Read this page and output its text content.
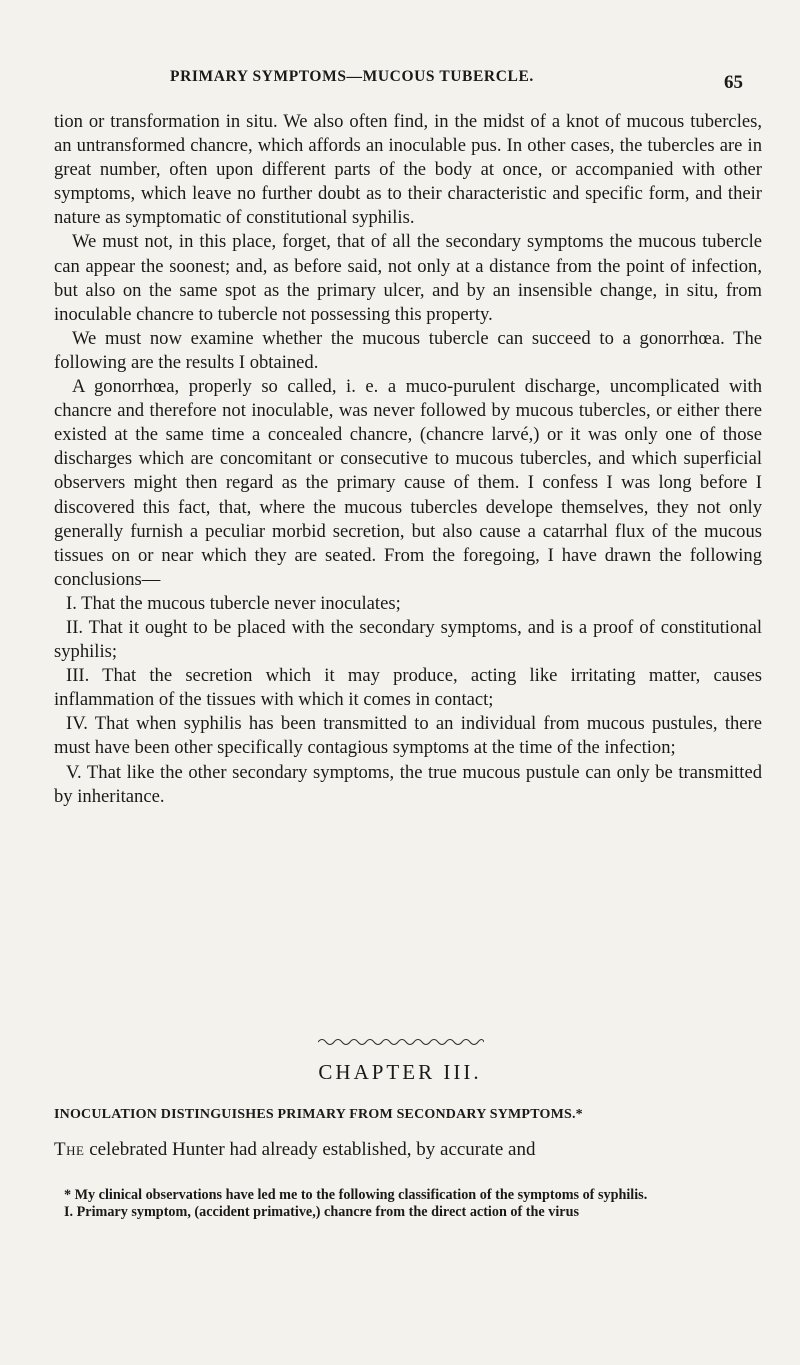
PRIMARY SYMPTOMS—MUCOUS TUBERCLE.	65

tion or transformation in situ. We also often find, in the midst of a knot of mucous tubercles, an untransformed chancre, which affords an inoculable pus. In other cases, the tubercles are in great number, often upon different parts of the body at once, or accompanied with other symptoms, which leave no further doubt as to their characteristic and specific form, and their nature as symptomatic of constitutional syphilis.

We must not, in this place, forget, that of all the secondary symptoms the mucous tubercle can appear the soonest; and, as before said, not only at a distance from the point of infection, but also on the same spot as the primary ulcer, and by an insensible change, in situ, from inoculable chancre to tubercle not possessing this property.

We must now examine whether the mucous tubercle can succeed to a gonorrhœa. The following are the results I obtained.

A gonorrhœa, properly so called, i. e. a muco-purulent discharge, uncomplicated with chancre and therefore not inoculable, was never followed by mucous tubercles, or either there existed at the same time a concealed chancre, (chancre larvé,) or it was only one of those discharges which are concomitant or consecutive to mucous tubercles, and which superficial observers might then regard as the primary cause of them. I confess I was long before I discovered this fact, that, where the mucous tubercles develope themselves, they not only generally furnish a peculiar morbid secretion, but also cause a catarrhal flux of the mucous tissues on or near which they are seated. From the foregoing, I have drawn the following conclusions—

I. That the mucous tubercle never inoculates;

II. That it ought to be placed with the secondary symptoms, and is a proof of constitutional syphilis;

III. That the secretion which it may produce, acting like irritating matter, causes inflammation of the tissues with which it comes in contact;

IV. That when syphilis has been transmitted to an individual from mucous pustules, there must have been other specifically contagious symptoms at the time of the infection;

V. That like the other secondary symptoms, the true mucous pustule can only be transmitted by inheritance.

CHAPTER III.
INOCULATION DISTINGUISHES PRIMARY FROM SECONDARY SYMPTOMS.*
The celebrated Hunter had already established, by accurate and

* My clinical observations have led me to the following classification of the symptoms of syphilis.

I. Primary symptom, (accident primative,) chancre from the direct action of the virus
